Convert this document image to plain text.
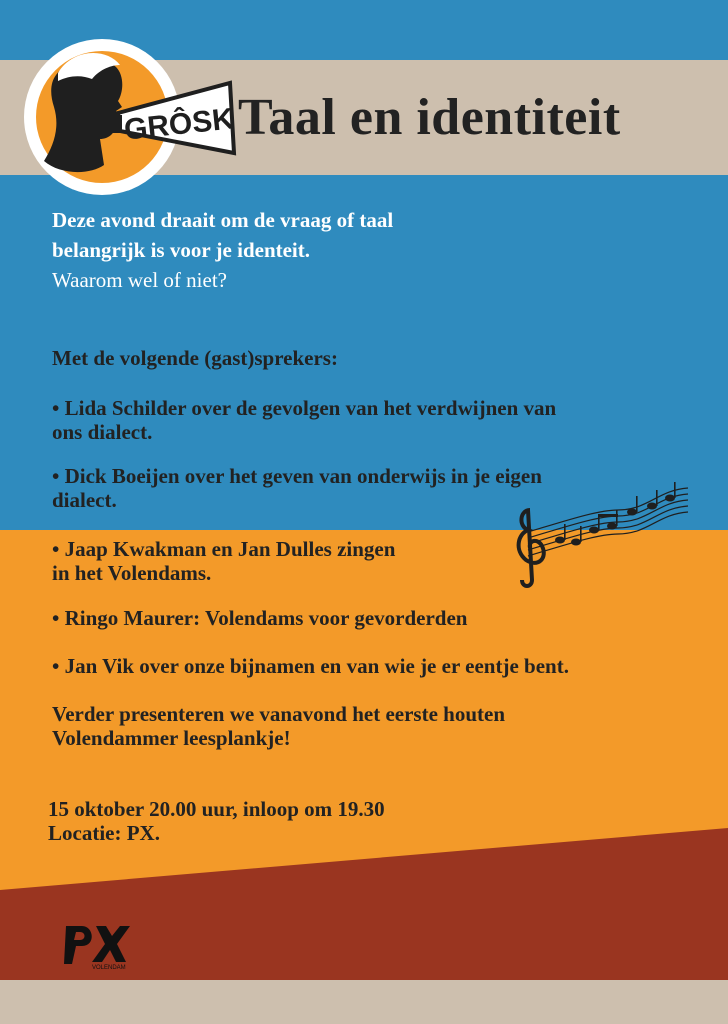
GRÔSK Taal en identiteit
Deze avond draait om de vraag of taal
belangrijk is voor je identeit.
Waarom wel of niet?
Met de volgende (gast)sprekers:
• Lida Schilder over de gevolgen van het verdwijnen van
ons dialect.
• Dick Boeijen over het geven van onderwijs in je eigen
dialect.
• Jaap Kwakman en Jan Dulles zingen
in het Volendams.
• Ringo Maurer: Volendams voor gevorderden
• Jan Vik over onze bijnamen en van wie je er eentje bent.
Verder presenteren we vanavond het eerste houten
Volendammer leesplankje!
15 oktober 20.00 uur, inloop om 19.30
Locatie: PX.
VOLENDAM
